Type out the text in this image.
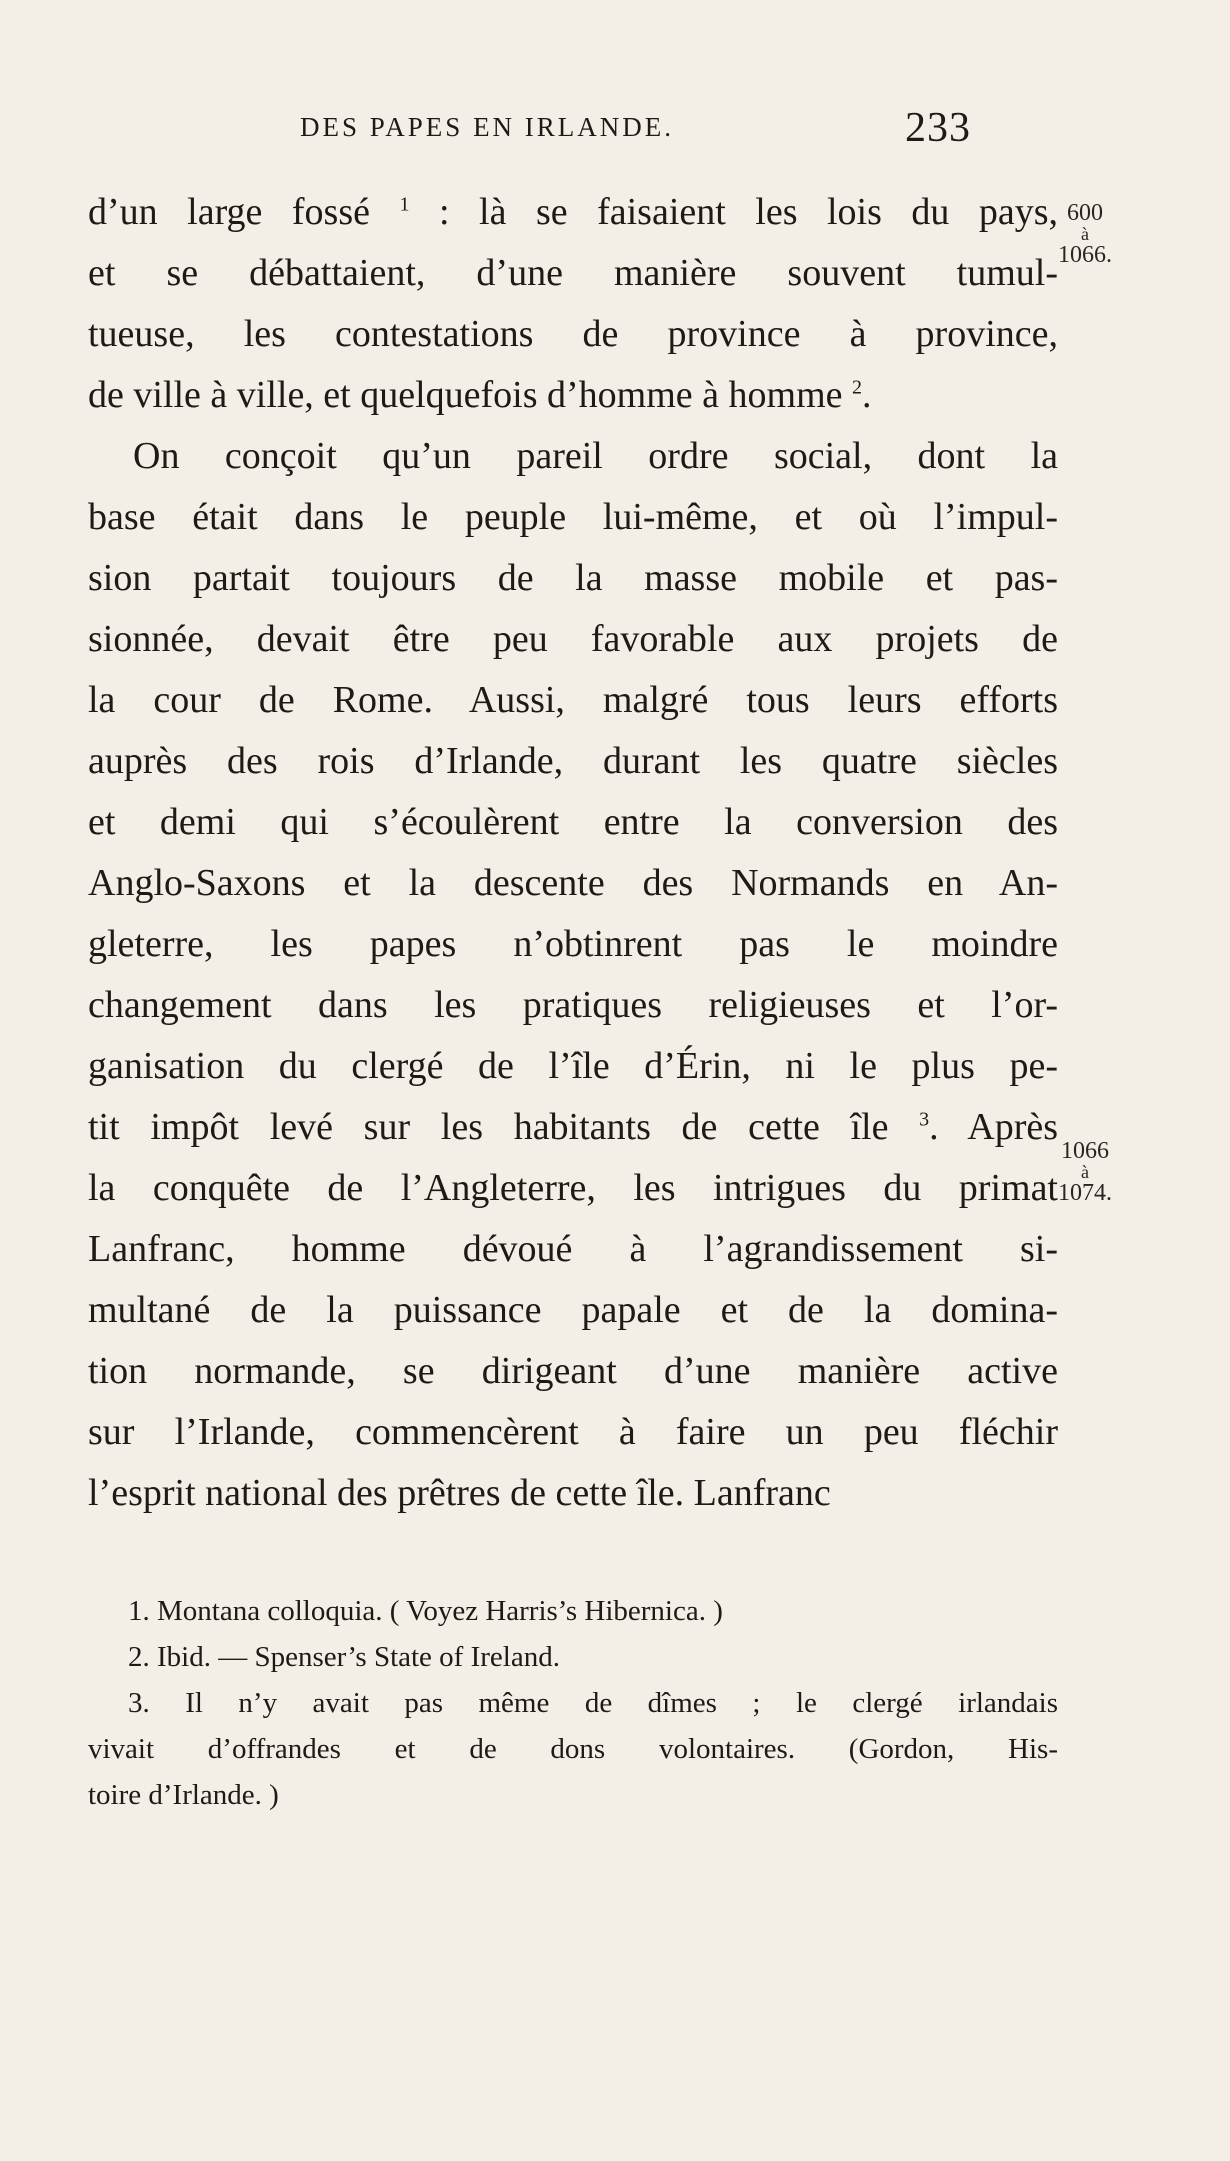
DES PAPES EN IRLANDE.	233
d’un large fossé $^1$ : là se faisaient les lois du pays,
et se débattaient, d’une manière souvent tumul-
tueuse, les contestations de province à province,
de ville à ville, et quelquefois d’homme à homme $^2$.
On conçoit qu’un pareil ordre social, dont la
base était dans le peuple lui-même, et où l’impul-
sion partait toujours de la masse mobile et pas-
sionnée, devait être peu favorable aux projets de
la cour de Rome. Aussi, malgré tous leurs efforts
auprès des rois d’Irlande, durant les quatre siècles
et demi qui s’écoulèrent entre la conversion des
Anglo-Saxons et la descente des Normands en An-
gleterre, les papes n’obtinrent pas le moindre
changement dans les pratiques religieuses et l’or-
ganisation du clergé de l’île d’Érin, ni le plus pe-
tit impôt levé sur les habitants de cette île $^3$. Après
la conquête de l’Angleterre, les intrigues du primat
Lanfranc, homme dévoué à l’agrandissement si-
multané de la puissance papale et de la domina-
tion normande, se dirigeant d’une manière active
sur l’Irlande, commencèrent à faire un peu fléchir
l’esprit national des prêtres de cette île. Lanfranc
600
à
1066.
1066
à
1074.
1. Montana colloquia. ( Voyez Harris’s Hibernica. )
2. Ibid. — Spenser’s State of Ireland.
3. Il n’y avait pas même de dîmes ; le clergé irlandais
vivait d’offrandes et de dons volontaires. (Gordon, His-
toire d’Irlande. )
